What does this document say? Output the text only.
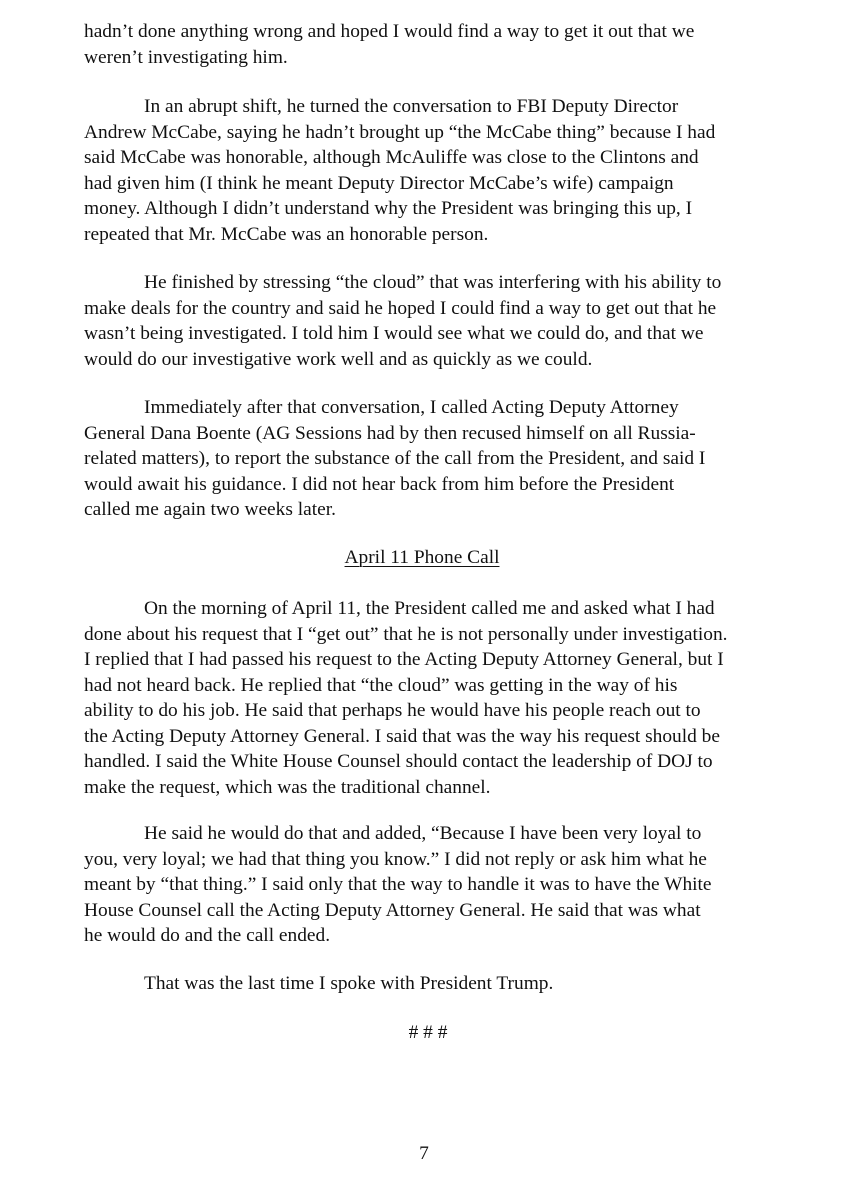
hadn’t done anything wrong and hoped I would find a way to get it out that we
weren’t investigating him.

In an abrupt shift, he turned the conversation to FBI Deputy Director
Andrew McCabe, saying he hadn’t brought up “the McCabe thing” because I had
said McCabe was honorable, although McAuliffe was close to the Clintons and
had given him (I think he meant Deputy Director McCabe’s wife) campaign
money. Although I didn’t understand why the President was bringing this up, I
repeated that Mr. McCabe was an honorable person.

He finished by stressing “the cloud” that was interfering with his ability to
make deals for the country and said he hoped I could find a way to get out that he
wasn’t being investigated. I told him I would see what we could do, and that we
would do our investigative work well and as quickly as we could.

Immediately after that conversation, I called Acting Deputy Attorney
General Dana Boente (AG Sessions had by then recused himself on all Russia-
related matters), to report the substance of the call from the President, and said I
would await his guidance. I did not hear back from him before the President
called me again two weeks later.

April 11 Phone Call

On the morning of April 11, the President called me and asked what I had
done about his request that I “get out” that he is not personally under investigation.
I replied that I had passed his request to the Acting Deputy Attorney General, but I
had not heard back. He replied that “the cloud” was getting in the way of his
ability to do his job. He said that perhaps he would have his people reach out to
the Acting Deputy Attorney General. I said that was the way his request should be
handled. I said the White House Counsel should contact the leadership of DOJ to
make the request, which was the traditional channel.

He said he would do that and added, “Because I have been very loyal to
you, very loyal; we had that thing you know.” I did not reply or ask him what he
meant by “that thing.” I said only that the way to handle it was to have the White
House Counsel call the Acting Deputy Attorney General. He said that was what
he would do and the call ended.

That was the last time I spoke with President Trump.

# # #

7
